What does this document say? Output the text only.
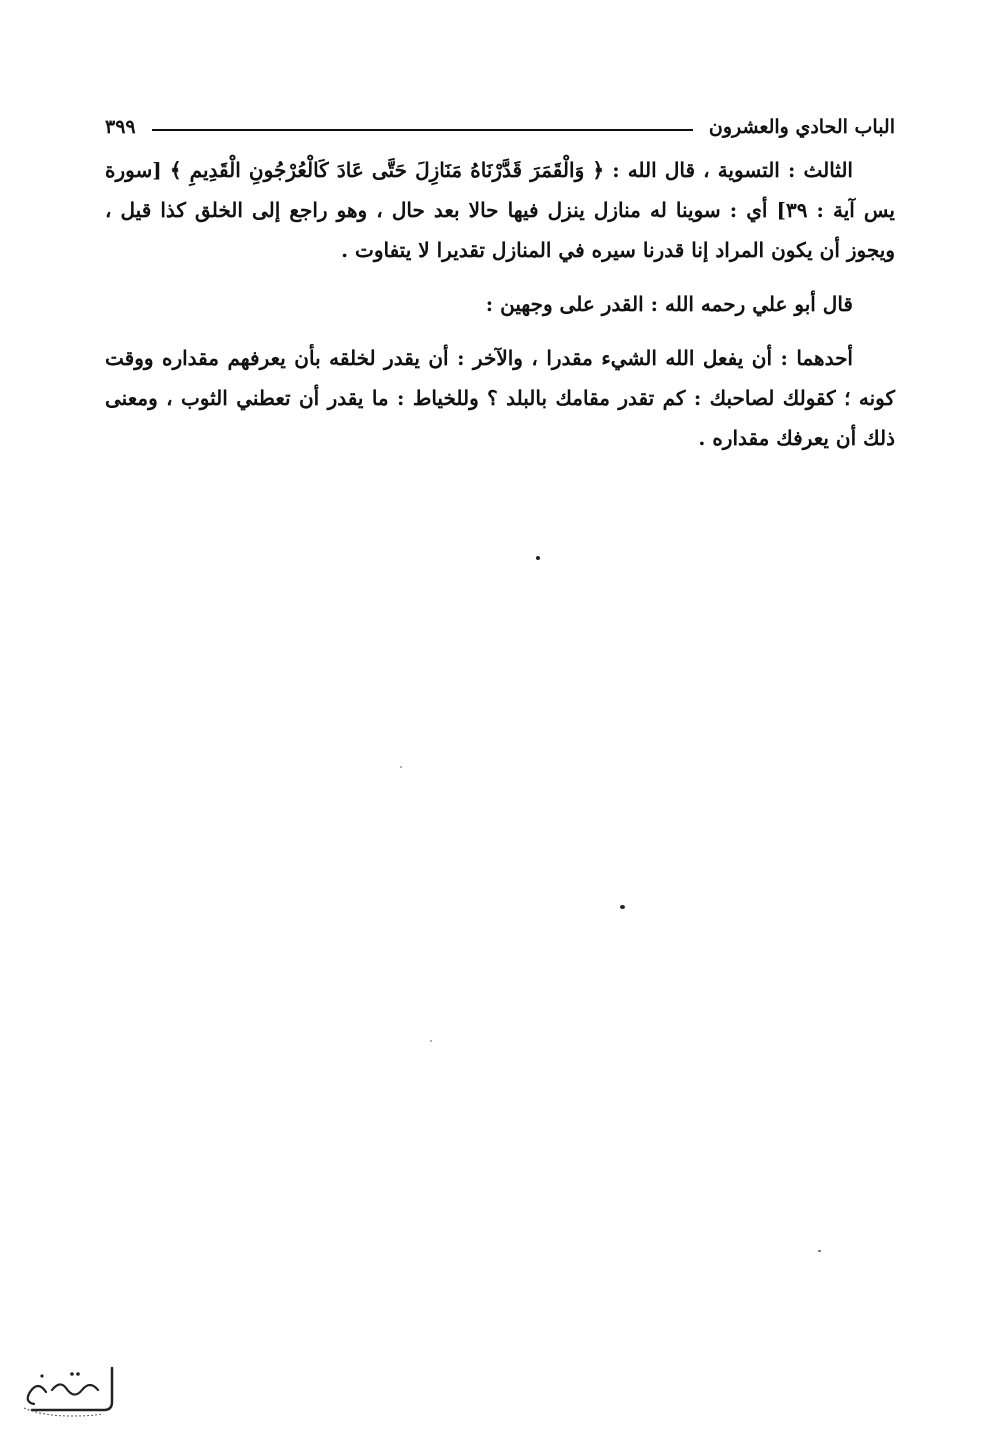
الباب الحادي والعشرون
٣٩٩

الثالث : التسوية ، قال الله : ﴿ وَالْقَمَرَ قَدَّرْنَاهُ مَنَازِلَ حَتَّى عَادَ كَالْعُرْجُونِ الْقَدِيمِ ﴾ [سورة يس آية : ٣٩] أي : سوينا له منازل ينزل فيها حالا بعد حال ، وهو راجع إلى الخلق كذا قيل ، ويجوز أن يكون المراد إنا قدرنا سيره في المنازل تقديرا لا يتفاوت .

قال أبو علي رحمه الله : القدر على وجهين :

أحدهما : أن يفعل الله الشيء مقدرا ، والآخر : أن يقدر لخلقه بأن يعرفهم مقداره ووقت كونه ؛ كقولك لصاحبك : كم تقدر مقامك بالبلد ؟ وللخياط : ما يقدر أن تعطني الثوب ، ومعنى ذلك أن يعرفك مقداره .
